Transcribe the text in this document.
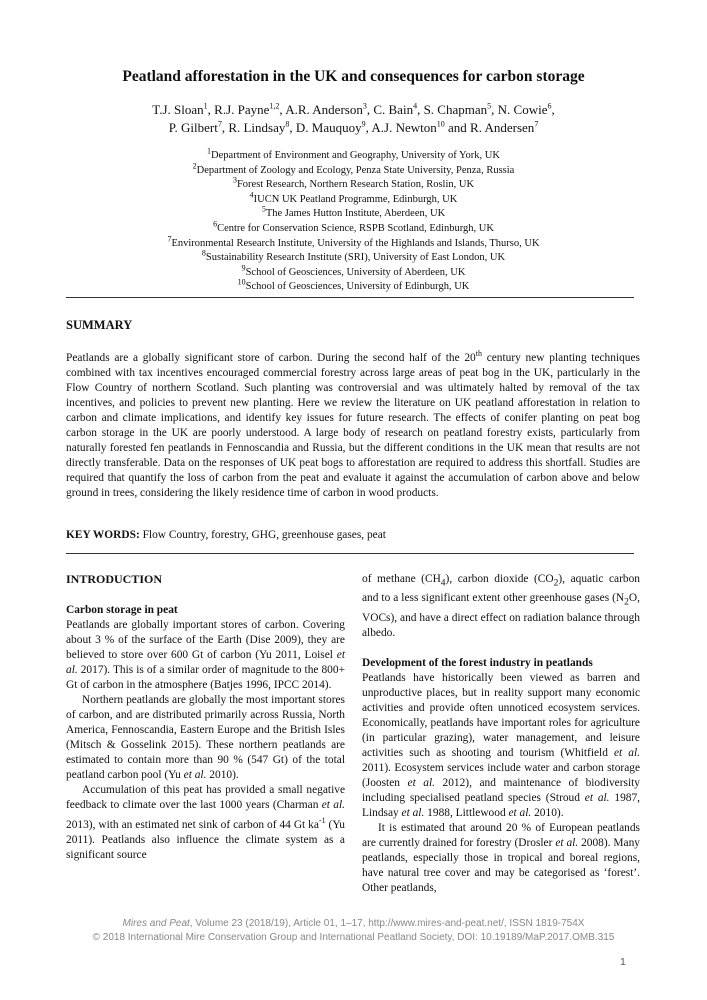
Peatland afforestation in the UK and consequences for carbon storage
T.J. Sloan$^1$, R.J. Payne$^{1,2}$, A.R. Anderson$^3$, C. Bain$^4$, S. Chapman$^5$, N. Cowie$^6$,
P. Gilbert$^7$, R. Lindsay$^8$, D. Mauquoy$^9$, A.J. Newton$^{10}$ and R. Andersen$^7$
$^1$Department of Environment and Geography, University of York, UK
$^2$Department of Zoology and Ecology, Penza State University, Penza, Russia
$^3$Forest Research, Northern Research Station, Roslin, UK
$^4$IUCN UK Peatland Programme, Edinburgh, UK
$^5$The James Hutton Institute, Aberdeen, UK
$^6$Centre for Conservation Science, RSPB Scotland, Edinburgh, UK
$^7$Environmental Research Institute, University of the Highlands and Islands, Thurso, UK
$^8$Sustainability Research Institute (SRI), University of East London, UK
$^9$School of Geosciences, University of Aberdeen, UK
$^{10}$School of Geosciences, University of Edinburgh, UK
SUMMARY
Peatlands are a globally significant store of carbon. During the second half of the 20th century new planting techniques combined with tax incentives encouraged commercial forestry across large areas of peat bog in the UK, particularly in the Flow Country of northern Scotland. Such planting was controversial and was ultimately halted by removal of the tax incentives, and policies to prevent new planting. Here we review the literature on UK peatland afforestation in relation to carbon and climate implications, and identify key issues for future research. The effects of conifer planting on peat bog carbon storage in the UK are poorly understood. A large body of research on peatland forestry exists, particularly from naturally forested fen peatlands in Fennoscandia and Russia, but the different conditions in the UK mean that results are not directly transferable. Data on the responses of UK peat bogs to afforestation are required to address this shortfall. Studies are required that quantify the loss of carbon from the peat and evaluate it against the accumulation of carbon above and below ground in trees, considering the likely residence time of carbon in wood products.
KEY WORDS: Flow Country, forestry, GHG, greenhouse gases, peat
INTRODUCTION
Carbon storage in peat

Peatlands are globally important stores of carbon. Covering about 3 % of the surface of the Earth (Dise 2009), they are believed to store over 600 Gt of carbon (Yu 2011, Loisel et al. 2017). This is of a similar order of magnitude to the 800+ Gt of carbon in the atmosphere (Batjes 1996, IPCC 2014).

Northern peatlands are globally the most important stores of carbon, and are distributed primarily across Russia, North America, Fennoscandia, Eastern Europe and the British Isles (Mitsch & Gosselink 2015). These northern peatlands are estimated to contain more than 90 % (547 Gt) of the total peatland carbon pool (Yu et al. 2010).

Accumulation of this peat has provided a small negative feedback to climate over the last 1000 years (Charman et al. 2013), with an estimated net sink of carbon of 44 Gt $ka^{-1}$ (Yu 2011). Peatlands also influence the climate system as a significant source

of methane $(CH_4)$, carbon dioxide $(CO_2)$, aquatic carbon and to a less significant extent other greenhouse gases ($N_2O$, VOCs), and have a direct effect on radiation balance through albedo.

Development of the forest industry in peatlands

Peatlands have historically been viewed as barren and unproductive places, but in reality support many economic activities and provide often unnoticed ecosystem services. Economically, peatlands have important roles for agriculture (in particular grazing), water management, and leisure activities such as shooting and tourism (Whitfield et al. 2011). Ecosystem services include water and carbon storage (Joosten et al. 2012), and maintenance of biodiversity including specialised peatland species (Stroud et al. 1987, Lindsay et al. 1988, Littlewood et al. 2010).

It is estimated that around 20 % of European peatlands are currently drained for forestry (Drosler et al. 2008). Many peatlands, especially those in tropical and boreal regions, have natural tree cover and may be categorised as ‘forest’. Other peatlands,

Mires and Peat, Volume 23 (2018/19), Article 01, 1–17, http://www.mires-and-peat.net/, ISSN 1819-754X
© 2018 International Mire Conservation Group and International Peatland Society, DOI: 10.19189/MaP.2017.OMB.315
1
